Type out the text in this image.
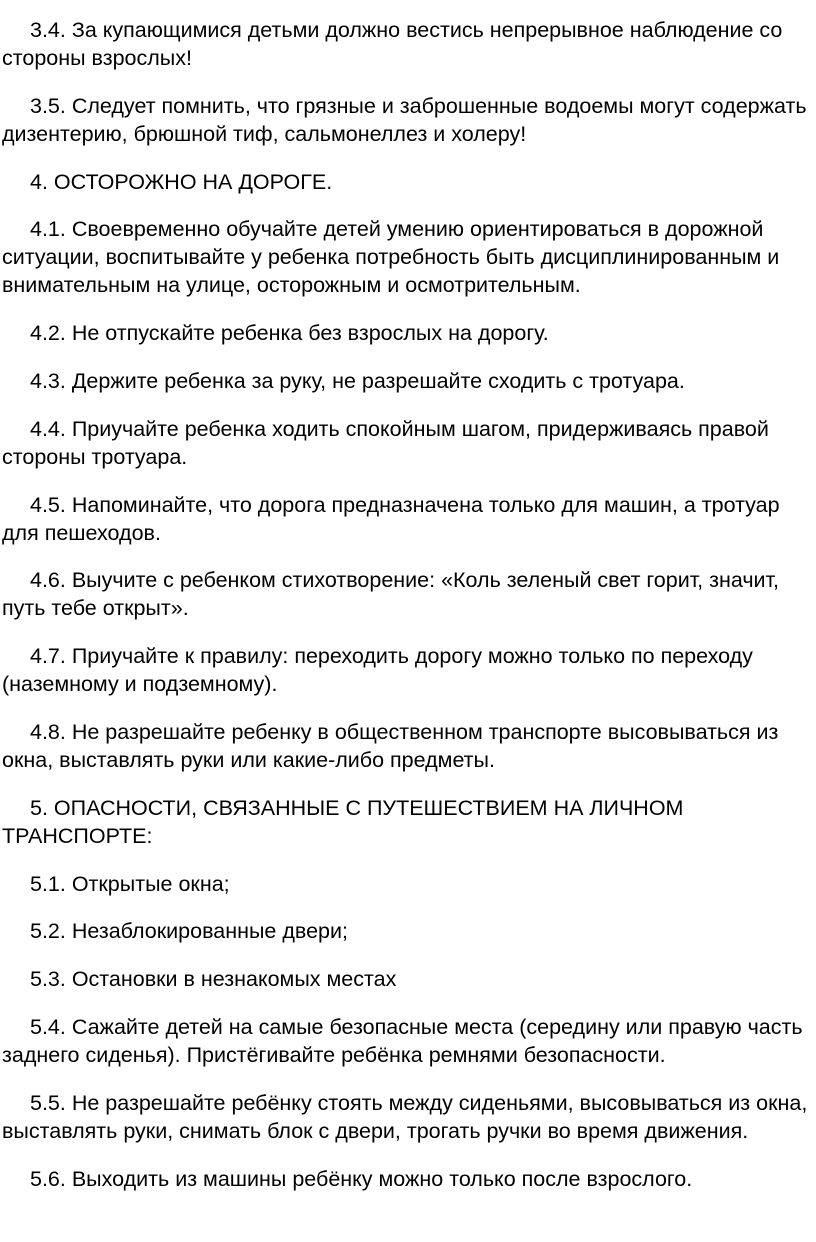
3.4. За купающимися детьми должно вестись непрерывное наблюдение со стороны взрослых!

3.5. Следует помнить, что грязные и заброшенные водоемы могут содержать дизентерию, брюшной тиф, сальмонеллез и холеру!

4. ОСТОРОЖНО НА ДОРОГЕ.

4.1. Своевременно обучайте детей умению ориентироваться в дорожной ситуации, воспитывайте у ребенка потребность быть дисциплинированным и внимательным на улице, осторожным и осмотрительным.

4.2. Не отпускайте ребенка без взрослых на дорогу.

4.3. Держите ребенка за руку, не разрешайте сходить с тротуара.

4.4. Приучайте ребенка ходить спокойным шагом, придерживаясь правой стороны тротуара.

4.5. Напоминайте, что дорога предназначена только для машин, а тротуар для пешеходов.

4.6. Выучите с ребенком стихотворение: «Коль зеленый свет горит, значит, путь тебе открыт».

4.7. Приучайте к правилу: переходить дорогу можно только по переходу (наземному и подземному).

4.8. Не разрешайте ребенку в общественном транспорте высовываться из окна, выставлять руки или какие-либо предметы.

5. ОПАСНОСТИ, СВЯЗАННЫЕ С ПУТЕШЕСТВИЕМ НА ЛИЧНОМ ТРАНСПОРТЕ:

5.1. Открытые окна;

5.2. Незаблокированные двери;

5.3. Остановки в незнакомых местах

5.4. Сажайте детей на самые безопасные места (середину или правую часть заднего сиденья). Пристёгивайте ребёнка ремнями безопасности.

5.5. Не разрешайте ребёнку стоять между сиденьями, высовываться из окна, выставлять руки, снимать блок с двери, трогать ручки во время движения.

5.6. Выходить из машины ребёнку можно только после взрослого.
